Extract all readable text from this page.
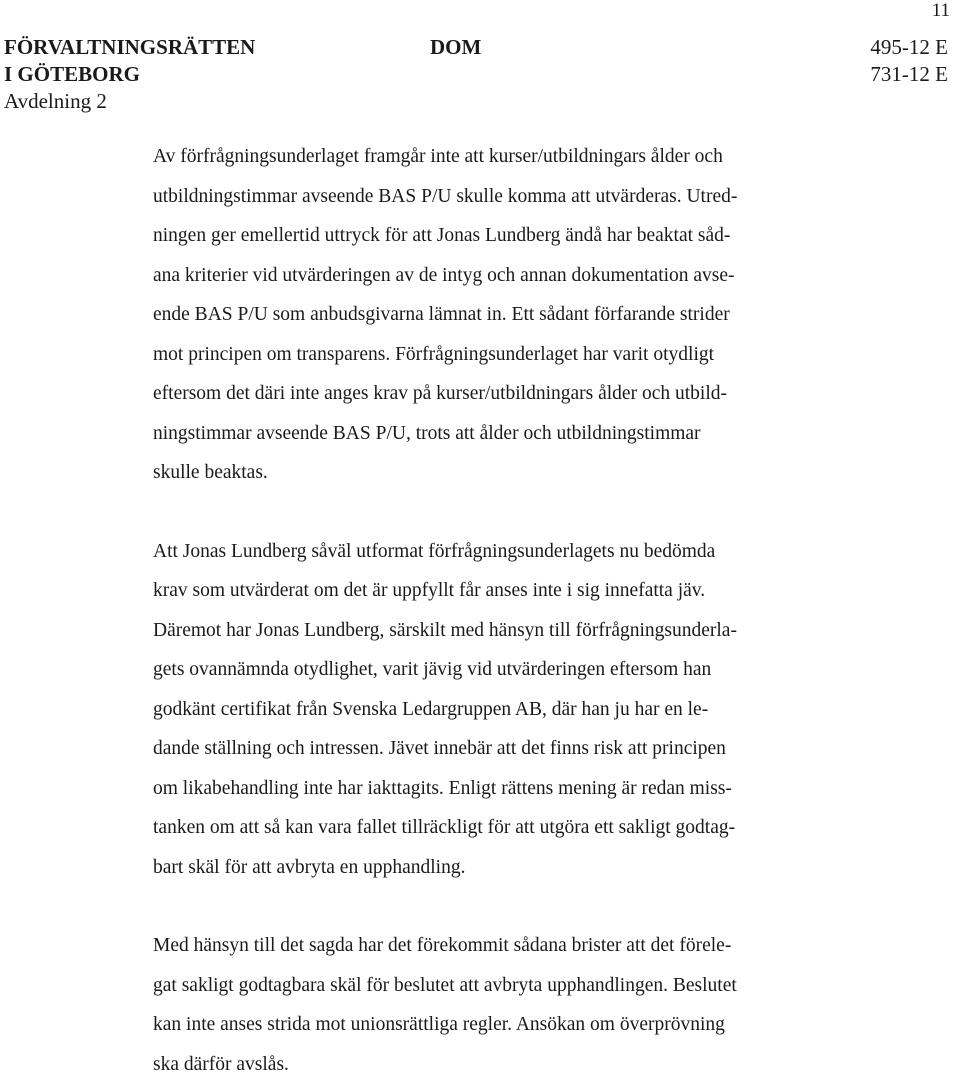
11
FÖRVALTNINGSRÄTTEN
I GÖTEBORG
Avdelning 2
DOM	495-12 E
731-12 E

Av förfrågningsunderlaget framgår inte att kurser/utbildningars ålder och
utbildningstimmar avseende BAS P/U skulle komma att utvärderas. Utred-
ningen ger emellertid uttryck för att Jonas Lundberg ändå har beaktat såd-
ana kriterier vid utvärderingen av de intyg och annan dokumentation avse-
ende BAS P/U som anbudsgivarna lämnat in. Ett sådant förfarande strider
mot principen om transparens. Förfrågningsunderlaget har varit otydligt
eftersom det däri inte anges krav på kurser/utbildningars ålder och utbild-
ningstimmar avseende BAS P/U, trots att ålder och utbildningstimmar
skulle beaktas.

Att Jonas Lundberg såväl utformat förfrågningsunderlagets nu bedömda
krav som utvärderat om det är uppfyllt får anses inte i sig innefatta jäv.
Däremot har Jonas Lundberg, särskilt med hänsyn till förfrågningsunderla-
gets ovannämnda otydlighet, varit jävig vid utvärderingen eftersom han
godkänt certifikat från Svenska Ledargruppen AB, där han ju har en le-
dande ställning och intressen. Jävet innebär att det finns risk att principen
om likabehandling inte har iakttagits. Enligt rättens mening är redan miss-
tanken om att så kan vara fallet tillräckligt för att utgöra ett sakligt godtag-
bart skäl för att avbryta en upphandling.

Med hänsyn till det sagda har det förekommit sådana brister att det förele-
gat sakligt godtagbara skäl för beslutet att avbryta upphandlingen. Beslutet
kan inte anses strida mot unionsrättliga regler. Ansökan om överprövning
ska därför avslås.
